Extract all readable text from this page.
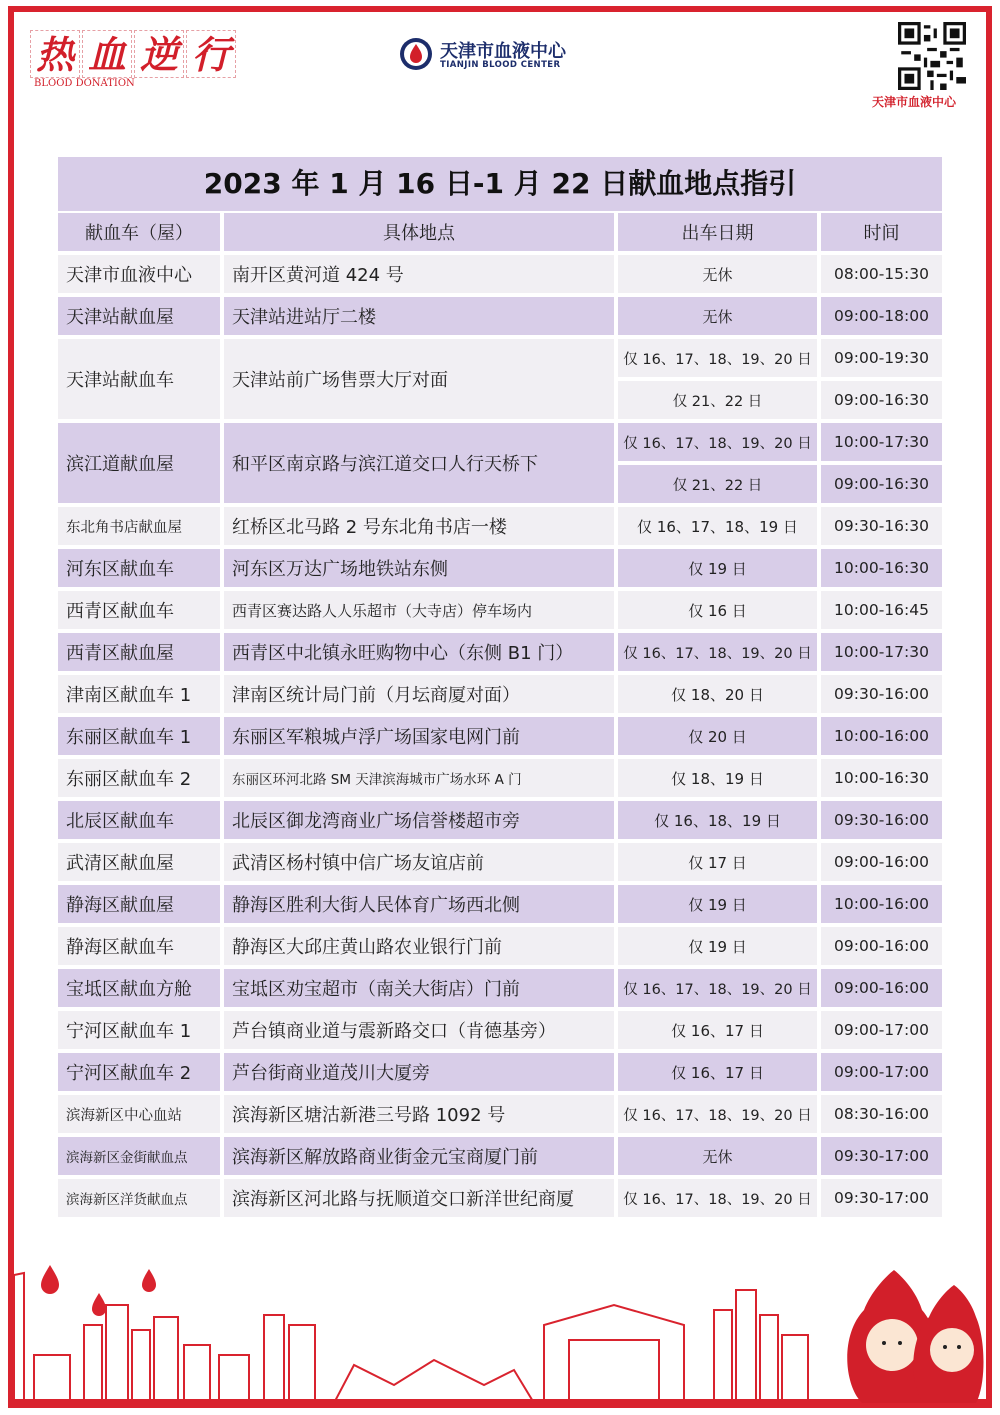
热 血 逆 行
BLOOD DONATION
天津市血液中心
TIANJIN BLOOD CENTER
天津市血液中心
2023 年 1 月 16 日-1 月 22 日献血地点指引
献血车（屋）	具体地点	出车日期	时间
天津市血液中心	南开区黄河道 424 号	无休	08:00-15:30
天津站献血屋	天津站进站厅二楼	无休	09:00-18:00
天津站献血车	天津站前广场售票大厅对面
仅 16、17、18、19、20 日	09:00-19:30
仅 21、22 日	09:00-16:30
滨江道献血屋	和平区南京路与滨江道交口人行天桥下
仅 16、17、18、19、20 日	10:00-17:30
仅 21、22 日	09:00-16:30
东北角书店献血屋	红桥区北马路 2 号东北角书店一楼	仅 16、17、18、19 日	09:30-16:30
河东区献血车	河东区万达广场地铁站东侧	仅 19 日	10:00-16:30
西青区献血车	西青区赛达路人人乐超市（大寺店）停车场内	仅 16 日	10:00-16:45
西青区献血屋	西青区中北镇永旺购物中心（东侧 B1 门）	仅 16、17、18、19、20 日	10:00-17:30
津南区献血车 1	津南区统计局门前（月坛商厦对面）	仅 18、20 日	09:30-16:00
东丽区献血车 1	东丽区军粮城卢浮广场国家电网门前	仅 20 日	10:00-16:00
东丽区献血车 2	东丽区环河北路 SM 天津滨海城市广场水环 A 门	仅 18、19 日	10:00-16:30
北辰区献血车	北辰区御龙湾商业广场信誉楼超市旁	仅 16、18、19 日	09:30-16:00
武清区献血屋	武清区杨村镇中信广场友谊店前	仅 17 日	09:00-16:00
静海区献血屋	静海区胜利大街人民体育广场西北侧	仅 19 日	10:00-16:00
静海区献血车	静海区大邱庄黄山路农业银行门前	仅 19 日	09:00-16:00
宝坻区献血方舱	宝坻区劝宝超市（南关大街店）门前	仅 16、17、18、19、20 日	09:00-16:00
宁河区献血车 1	芦台镇商业道与震新路交口（肯德基旁）	仅 16、17 日	09:00-17:00
宁河区献血车 2	芦台街商业道茂川大厦旁	仅 16、17 日	09:00-17:00
滨海新区中心血站	滨海新区塘沽新港三号路 1092 号	仅 16、17、18、19、20 日	08:30-16:00
滨海新区金街献血点	滨海新区解放路商业街金元宝商厦门前	无休	09:30-17:00
滨海新区洋货献血点	滨海新区河北路与抚顺道交口新洋世纪商厦	仅 16、17、18、19、20 日	09:30-17:00
